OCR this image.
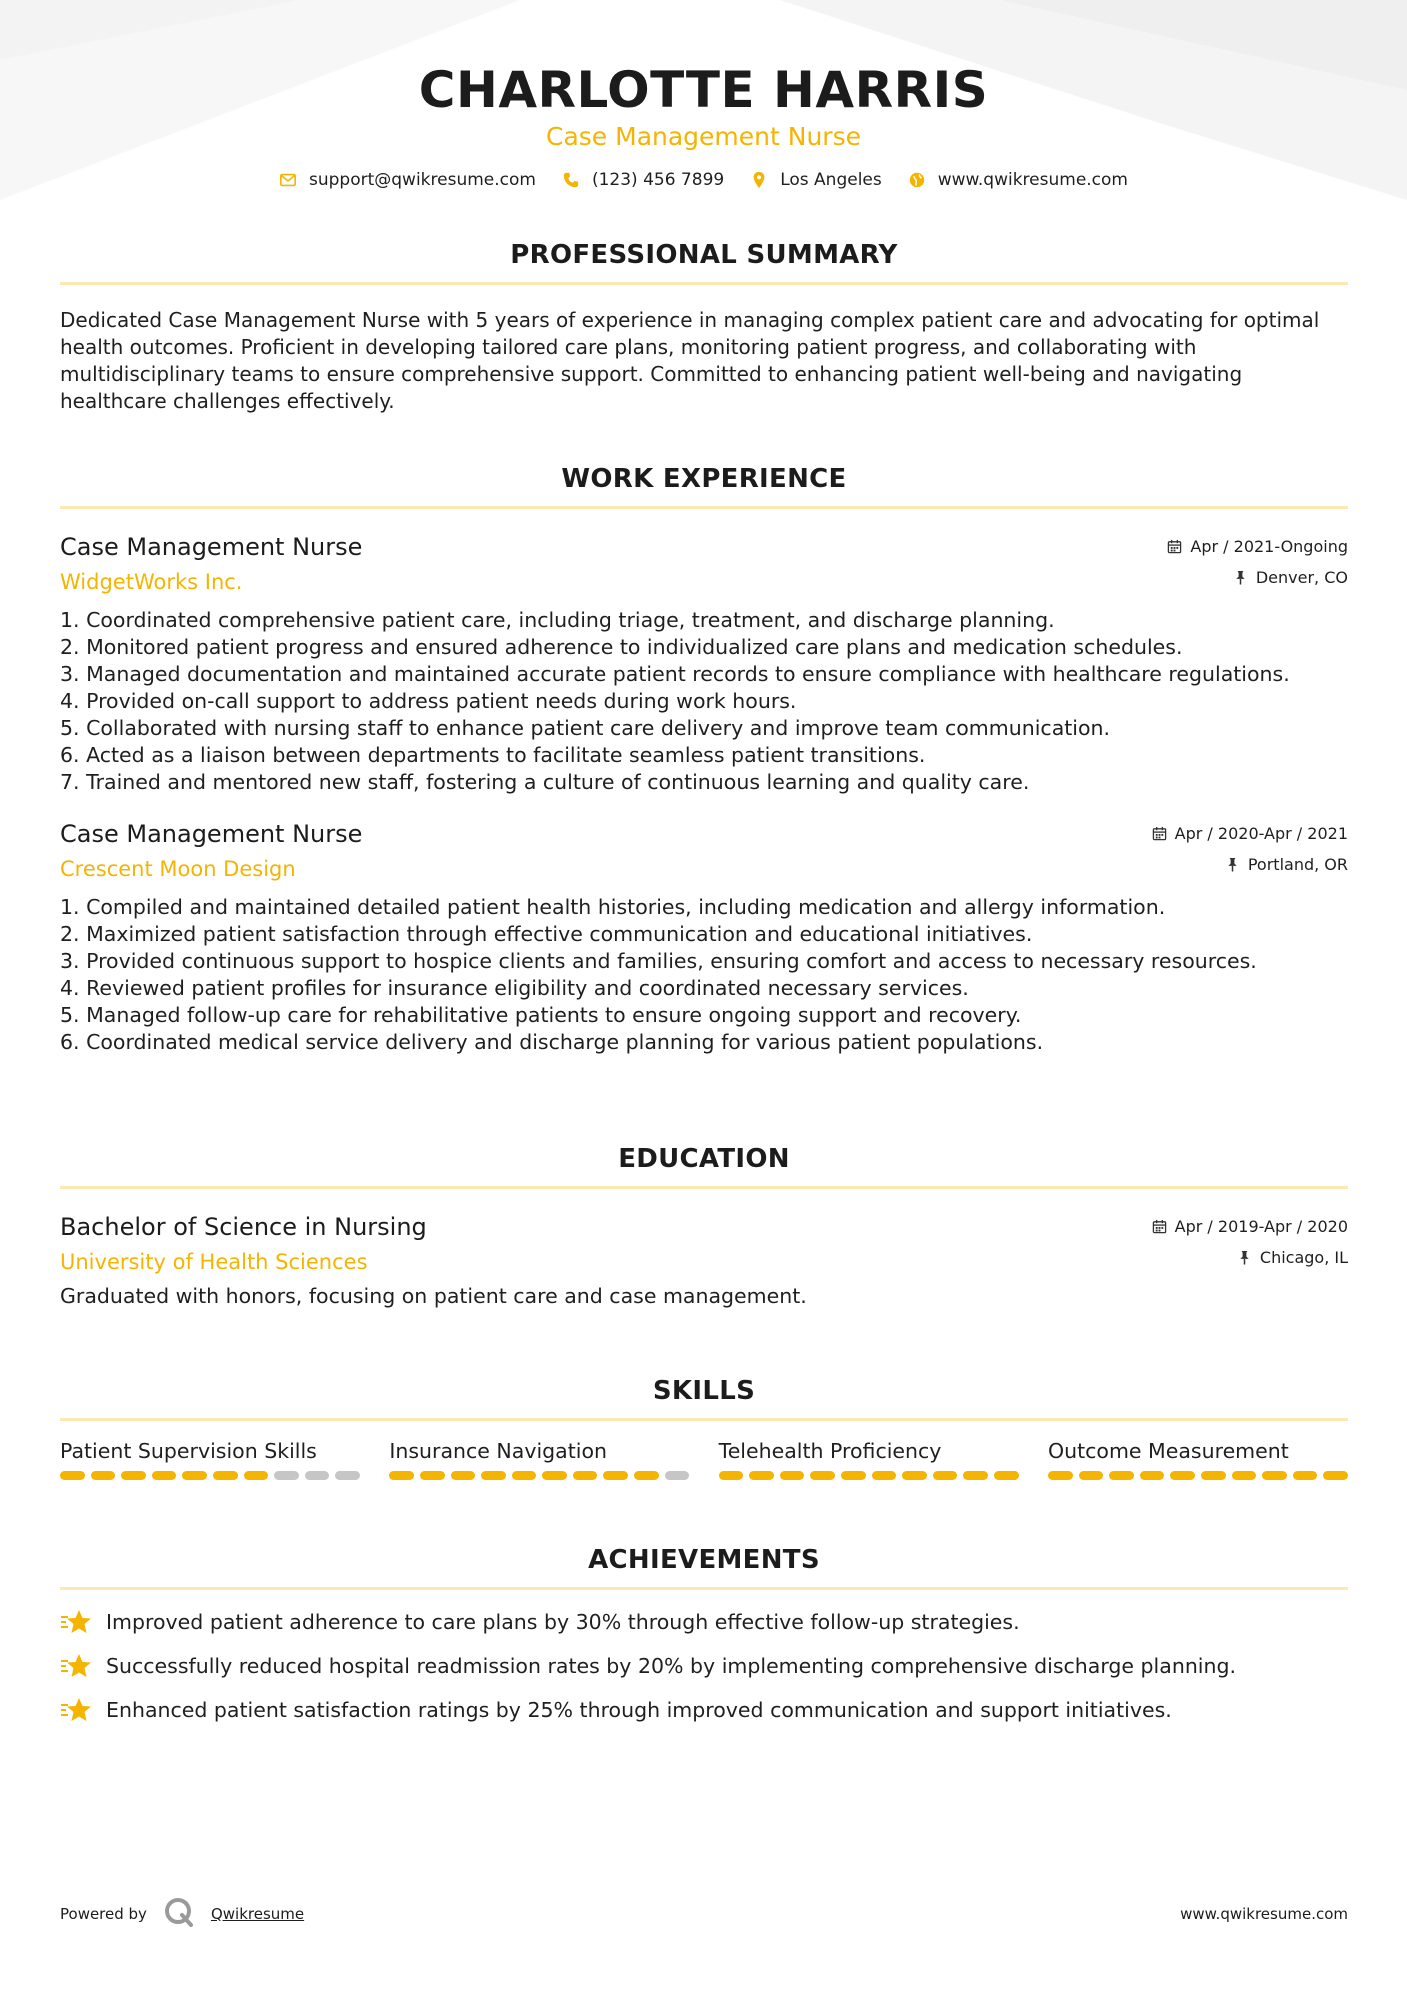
CHARLOTTE HARRIS
Case Management Nurse
support@qwikresume.com	(123) 456 7899	Los Angeles	www.qwikresume.com
PROFESSIONAL SUMMARY
Dedicated Case Management Nurse with 5 years of experience in managing complex patient care and advocating for optimal health outcomes. Proficient in developing tailored care plans, monitoring patient progress, and collaborating with multidisciplinary teams to ensure comprehensive support. Committed to enhancing patient well-being and navigating healthcare challenges effectively.
WORK EXPERIENCE
Case Management Nurse
WidgetWorks Inc.
Apr / 2021-Ongoing
Denver, CO
1. Coordinated comprehensive patient care, including triage, treatment, and discharge planning.
2. Monitored patient progress and ensured adherence to individualized care plans and medication schedules.
3. Managed documentation and maintained accurate patient records to ensure compliance with healthcare regulations.
4. Provided on-call support to address patient needs during work hours.
5. Collaborated with nursing staff to enhance patient care delivery and improve team communication.
6. Acted as a liaison between departments to facilitate seamless patient transitions.
7. Trained and mentored new staff, fostering a culture of continuous learning and quality care.
Case Management Nurse
Crescent Moon Design
Apr / 2020-Apr / 2021
Portland, OR
1. Compiled and maintained detailed patient health histories, including medication and allergy information.
2. Maximized patient satisfaction through effective communication and educational initiatives.
3. Provided continuous support to hospice clients and families, ensuring comfort and access to necessary resources.
4. Reviewed patient profiles for insurance eligibility and coordinated necessary services.
5. Managed follow-up care for rehabilitative patients to ensure ongoing support and recovery.
6. Coordinated medical service delivery and discharge planning for various patient populations.
EDUCATION
Bachelor of Science in Nursing
University of Health Sciences
Apr / 2019-Apr / 2020
Chicago, IL
Graduated with honors, focusing on patient care and case management.
SKILLS
Patient Supervision Skills	Insurance Navigation	Telehealth Proficiency	Outcome Measurement
ACHIEVEMENTS
Improved patient adherence to care plans by 30% through effective follow-up strategies.
Successfully reduced hospital readmission rates by 20% by implementing comprehensive discharge planning.
Enhanced patient satisfaction ratings by 25% through improved communication and support initiatives.
Powered by	Qwikresume	www.qwikresume.com
